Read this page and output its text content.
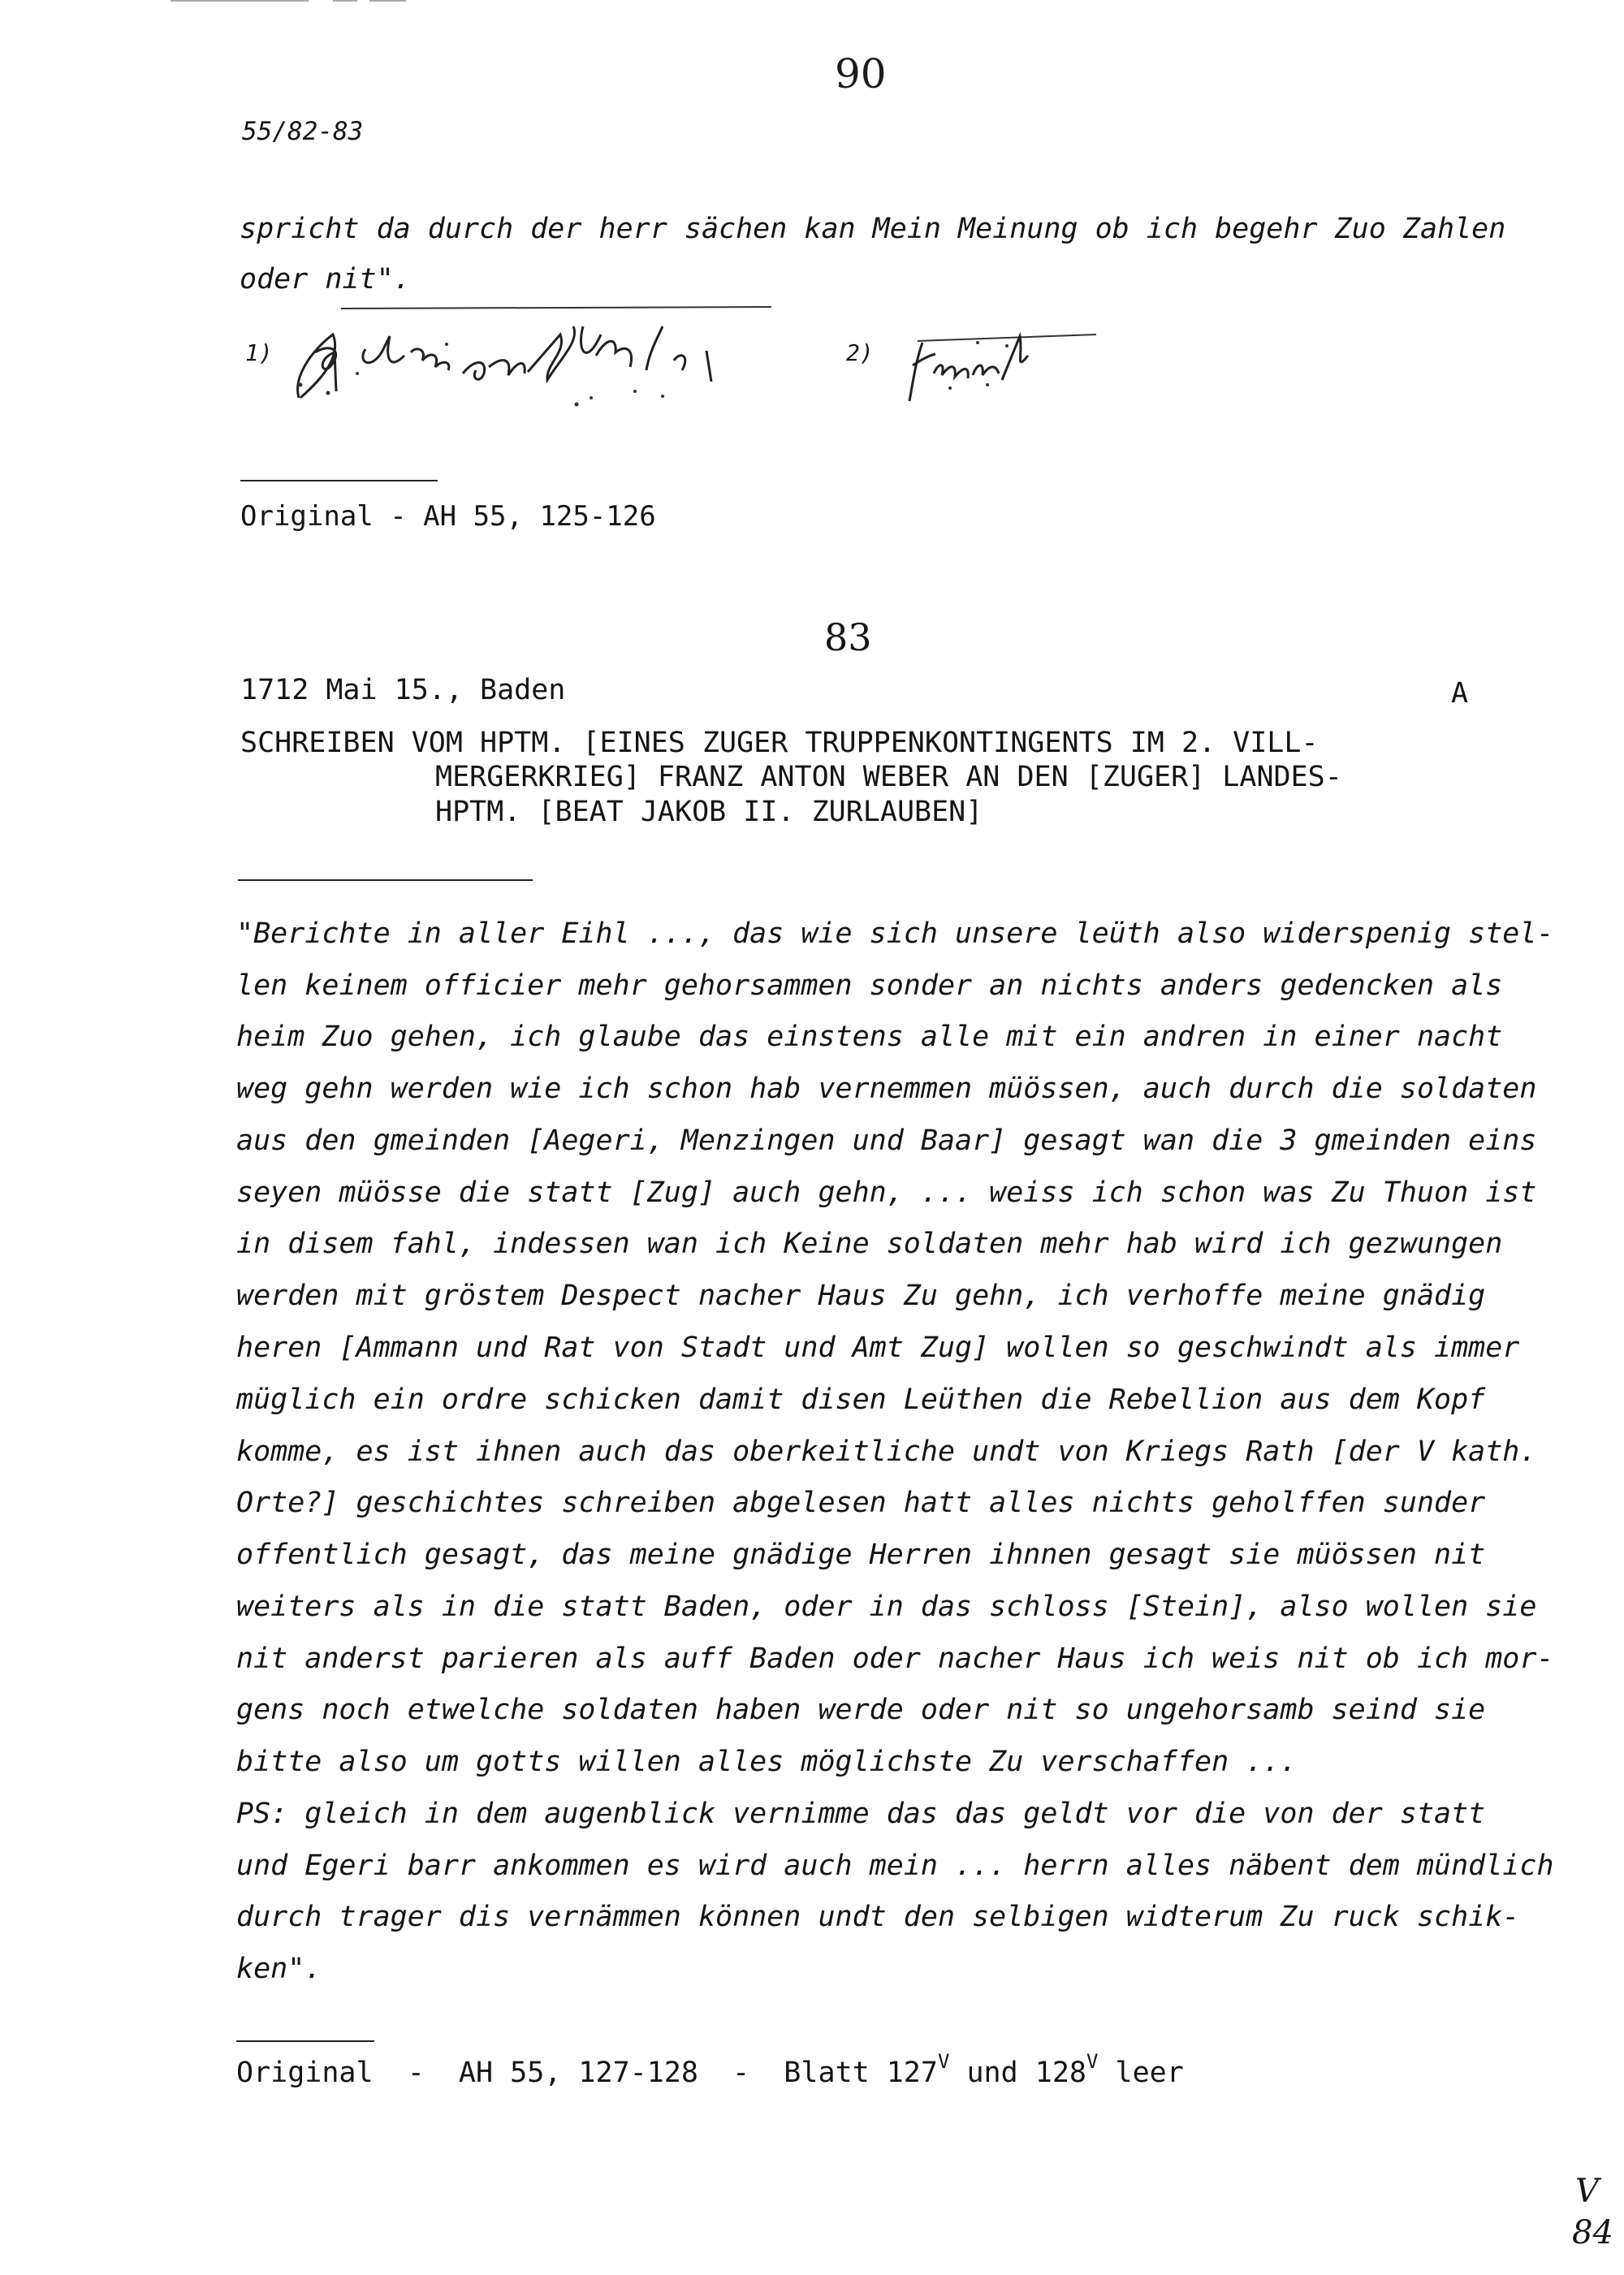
90
55/82-83
spricht da durch der herr sächen kan Mein Meinung ob ich begehr Zuo Zahlen
oder nit".
1)	2)
Original - AH 55, 125-126
83
1712 Mai 15., Baden	A
SCHREIBEN VOM HPTM. [EINES ZUGER TRUPPENKONTINGENTS IM 2. VILL-
MERGERKRIEG] FRANZ ANTON WEBER AN DEN [ZUGER] LANDES-
HPTM. [BEAT JAKOB II. ZURLAUBEN]
"Berichte in aller Eihl ..., das wie sich unsere leüth also widerspenig stel-
len keinem officier mehr gehorsammen sonder an nichts anders gedencken als
heim Zuo gehen, ich glaube das einstens alle mit ein andren in einer nacht
weg gehn werden wie ich schon hab vernemmen müössen, auch durch die soldaten
aus den gmeinden [Aegeri, Menzingen und Baar] gesagt wan die 3 gmeinden eins
seyen müösse die statt [Zug] auch gehn, ... weiss ich schon was Zu Thuon ist
in disem fahl, indessen wan ich Keine soldaten mehr hab wird ich gezwungen
werden mit gröstem Despect nacher Haus Zu gehn, ich verhoffe meine gnädig
heren [Ammann und Rat von Stadt und Amt Zug] wollen so geschwindt als immer
müglich ein ordre schicken damit disen Leüthen die Rebellion aus dem Kopf
komme, es ist ihnen auch das oberkeitliche undt von Kriegs Rath [der V kath.
Orte?] geschichtes schreiben abgelesen hatt alles nichts geholffen sunder
offentlich gesagt, das meine gnädige Herren ihnnen gesagt sie müössen nit
weiters als in die statt Baden, oder in das schloss [Stein], also wollen sie
nit anderst parieren als auff Baden oder nacher Haus ich weis nit ob ich mor-
gens noch etwelche soldaten haben werde oder nit so ungehorsamb seind sie
bitte also um gotts willen alles möglichste Zu verschaffen ...
PS: gleich in dem augenblick vernimme das das geldt vor die von der statt
und Egeri barr ankommen es wird auch mein ... herrn alles näbent dem mündlich
durch trager dis vernämmen können undt den selbigen widterum Zu ruck schik-
ken".
Original  -  AH 55, 127-128  -  Blatt $127^V$ und $128^V$ leer
V
84
